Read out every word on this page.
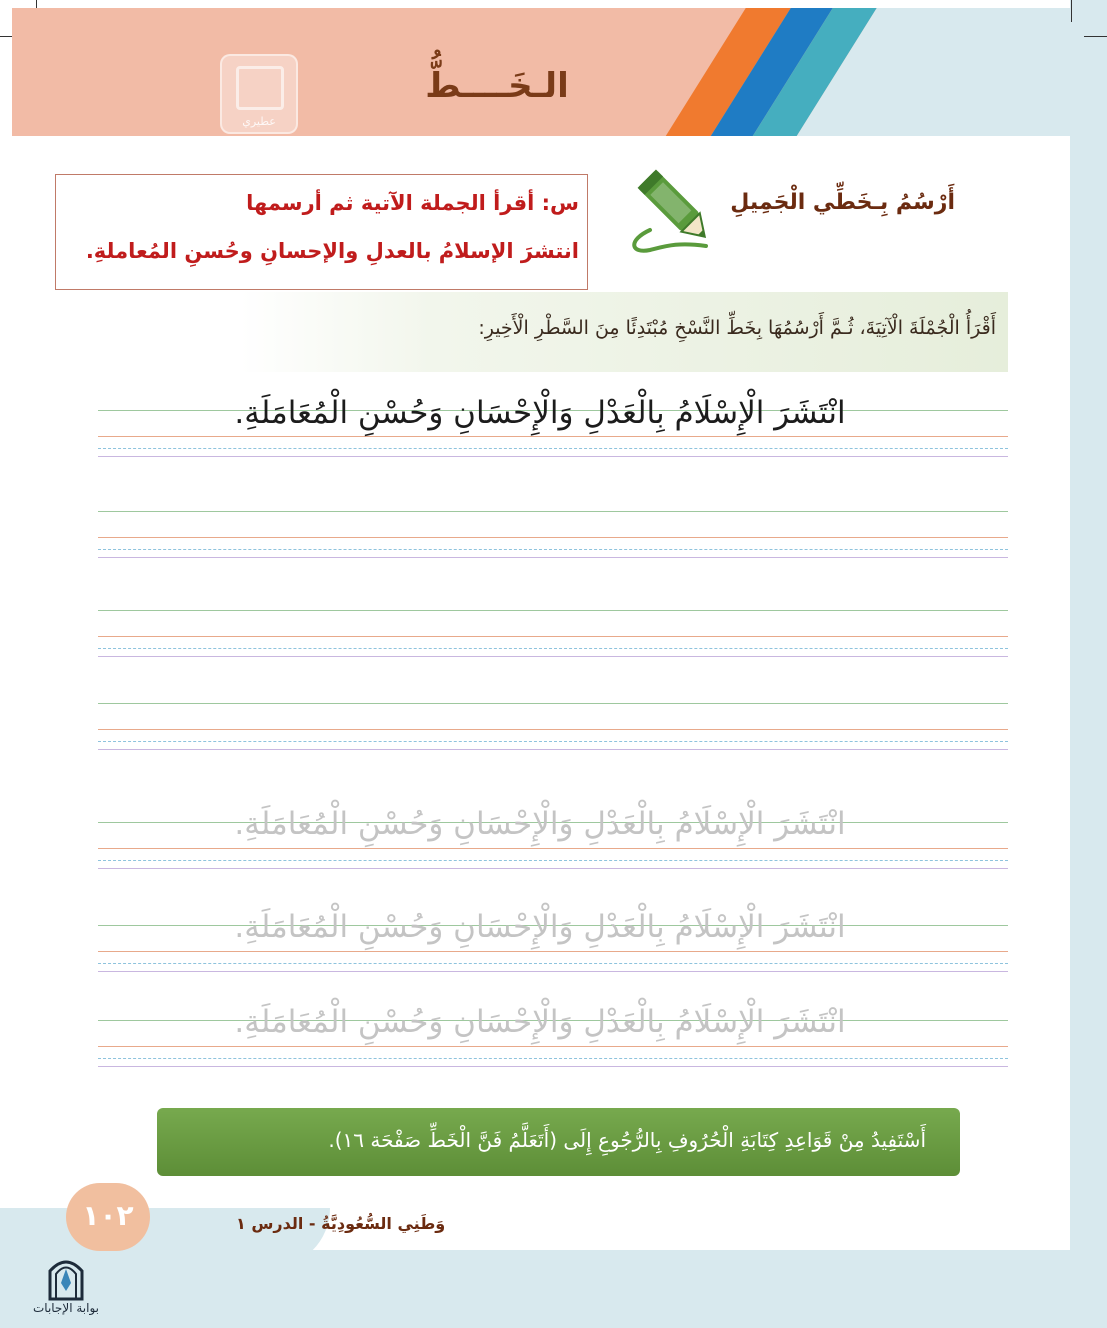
عطيري
الـخَــــطُّ
أَرْسُمُ بِـخَطِّي الْجَمِيلِ
س: أقرأ الجملة الآتية ثم أرسمها
انتشرَ الإسلامُ بالعدلِ والإحسانِ وحُسنِ المُعاملةِ.
أَقْرَأُ الْجُمْلَةَ الْآتِيَةَ، ثُـمَّ أَرْسُمُهَا بِخَطِّ النَّسْخِ مُبْتَدِئًا مِنَ السَّطْرِ الْأَخِيرِ:
انْتَشَرَ الْإِسْلَامُ بِالْعَدْلِ وَالْإِحْسَانِ وَحُسْنِ الْمُعَامَلَةِ.
انْتَشَرَ الْإِسْلَامُ بِالْعَدْلِ وَالْإِحْسَانِ وَحُسْنِ الْمُعَامَلَةِ.
انْتَشَرَ الْإِسْلَامُ بِالْعَدْلِ وَالْإِحْسَانِ وَحُسْنِ الْمُعَامَلَةِ.
انْتَشَرَ الْإِسْلَامُ بِالْعَدْلِ وَالْإِحْسَانِ وَحُسْنِ الْمُعَامَلَةِ.
أَسْتَفِيدُ مِنْ قَوَاعِدِ كِتَابَةِ الْحُرُوفِ بِالرُّجُوعِ إِلَى (أَتَعَلَّمُ فَنَّ الْخَطِّ صَفْحَة ١٦).
١٠٢	وَطَنِي السُّعُودِيَّةُ - الدرس ١
بوابة الإجابات
